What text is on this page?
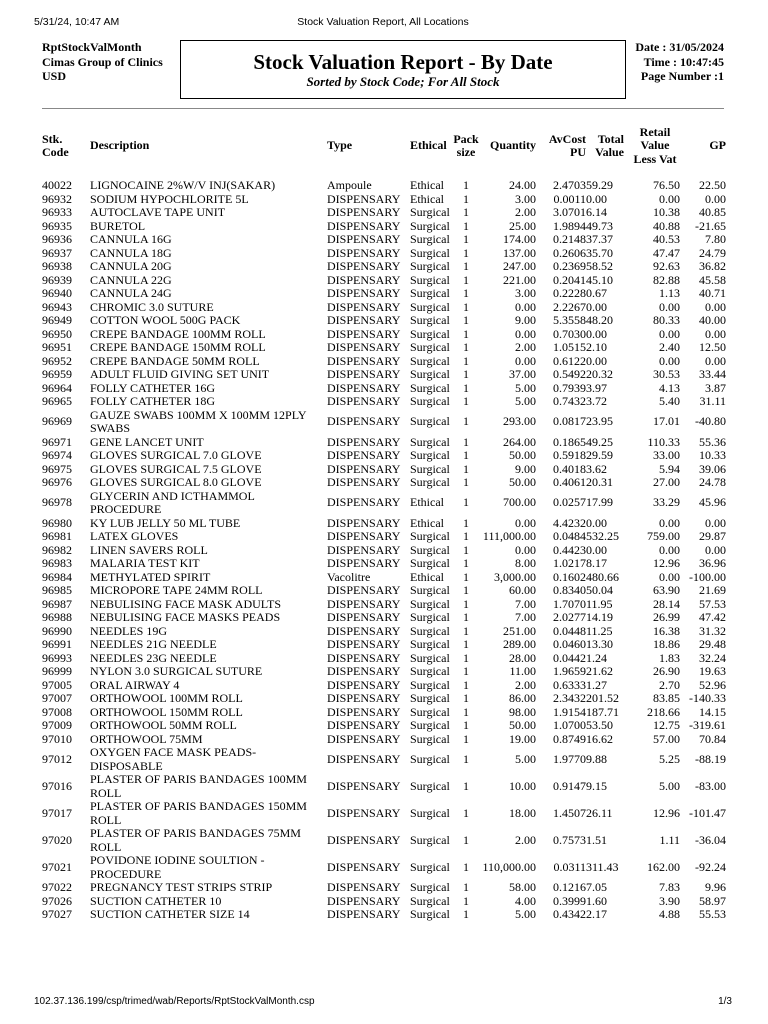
5/31/24, 10:47 AM	Stock Valuation Report, All Locations
RptStockValMonth
Cimas Group of Clinics
USD
Stock Valuation Report - By Date
Sorted by Stock Code; For All Stock
Date : 31/05/2024
Time : 10:47:45
Page Number :1
Stk. Code	Description	Type	Ethical	Pack size	Quantity	AvCost PU	Total Value	Retail Value Less Vat	GP

40022	LIGNOCAINE 2%W/V INJ(SAKAR)	Ampoule	Ethical	1	24.00	2.4703	59.29	76.50	22.50
96932	SODIUM HYPOCHLORITE 5L	DISPENSARY	Ethical	1	3.00	0.0011	0.00	0.00	0.00
96933	AUTOCLAVE TAPE UNIT	DISPENSARY	Surgical	1	2.00	3.0701	6.14	10.38	40.85
96935	BURETOL	DISPENSARY	Surgical	1	25.00	1.9894	49.73	40.88	-21.65
96936	CANNULA 16G	DISPENSARY	Surgical	1	174.00	0.2148	37.37	40.53	7.80
96937	CANNULA 18G	DISPENSARY	Surgical	1	137.00	0.2606	35.70	47.47	24.79
96938	CANNULA 20G	DISPENSARY	Surgical	1	247.00	0.2369	58.52	92.63	36.82
96939	CANNULA 22G	DISPENSARY	Surgical	1	221.00	0.2041	45.10	82.88	45.58
96940	CANNULA 24G	DISPENSARY	Surgical	1	3.00	0.2228	0.67	1.13	40.71
96943	CHROMIC 3.0 SUTURE	DISPENSARY	Surgical	1	0.00	2.2267	0.00	0.00	0.00
96949	COTTON WOOL 500G PACK	DISPENSARY	Surgical	1	9.00	5.3558	48.20	80.33	40.00
96950	CREPE BANDAGE 100MM ROLL	DISPENSARY	Surgical	1	0.00	0.7030	0.00	0.00	0.00
96951	CREPE BANDAGE 150MM ROLL	DISPENSARY	Surgical	1	2.00	1.0515	2.10	2.40	12.50
96952	CREPE BANDAGE 50MM ROLL	DISPENSARY	Surgical	1	0.00	0.6122	0.00	0.00	0.00
96959	ADULT FLUID GIVING SET UNIT	DISPENSARY	Surgical	1	37.00	0.5492	20.32	30.53	33.44
96964	FOLLY CATHETER 16G	DISPENSARY	Surgical	1	5.00	0.7939	3.97	4.13	3.87
96965	FOLLY CATHETER 18G	DISPENSARY	Surgical	1	5.00	0.7432	3.72	5.40	31.11
96969	GAUZE SWABS 100MM X 100MM 12PLY SWABS	DISPENSARY	Surgical	1	293.00	0.0817	23.95	17.01	-40.80
96971	GENE LANCET UNIT	DISPENSARY	Surgical	1	264.00	0.1865	49.25	110.33	55.36
96974	GLOVES SURGICAL 7.0 GLOVE	DISPENSARY	Surgical	1	50.00	0.5918	29.59	33.00	10.33
96975	GLOVES SURGICAL 7.5 GLOVE	DISPENSARY	Surgical	1	9.00	0.4018	3.62	5.94	39.06
96976	GLOVES SURGICAL 8.0 GLOVE	DISPENSARY	Surgical	1	50.00	0.4061	20.31	27.00	24.78
96978	GLYCERIN AND ICTHAMMOL PROCEDURE	DISPENSARY	Ethical	1	700.00	0.0257	17.99	33.29	45.96
96980	KY LUB JELLY 50 ML TUBE	DISPENSARY	Ethical	1	0.00	4.4232	0.00	0.00	0.00
96981	LATEX GLOVES	DISPENSARY	Surgical	1	111,000.00	0.0484	532.25	759.00	29.87
96982	LINEN SAVERS ROLL	DISPENSARY	Surgical	1	0.00	0.4423	0.00	0.00	0.00
96983	MALARIA TEST KIT	DISPENSARY	Surgical	1	8.00	1.0217	8.17	12.96	36.96
96984	METHYLATED SPIRIT	Vacolitre	Ethical	1	3,000.00	0.1602	480.66	0.00	-100.00
96985	MICROPORE TAPE 24MM ROLL	DISPENSARY	Surgical	1	60.00	0.8340	50.04	63.90	21.69
96987	NEBULISING FACE MASK ADULTS	DISPENSARY	Surgical	1	7.00	1.7070	11.95	28.14	57.53
96988	NEBULISING FACE MASKS PEADS	DISPENSARY	Surgical	1	7.00	2.0277	14.19	26.99	47.42
96990	NEEDLES 19G	DISPENSARY	Surgical	1	251.00	0.0448	11.25	16.38	31.32
96991	NEEDLES 21G NEEDLE	DISPENSARY	Surgical	1	289.00	0.0460	13.30	18.86	29.48
96993	NEEDLES 23G NEEDLE	DISPENSARY	Surgical	1	28.00	0.0442	1.24	1.83	32.24
96999	NYLON 3.0 SURGICAL SUTURE	DISPENSARY	Surgical	1	11.00	1.9659	21.62	26.90	19.63
97005	ORAL AIRWAY 4	DISPENSARY	Surgical	1	2.00	0.6333	1.27	2.70	52.96
97007	ORTHOWOOL 100MM ROLL	DISPENSARY	Surgical	1	86.00	2.3432	201.52	83.85	-140.33
97008	ORTHOWOOL 150MM ROLL	DISPENSARY	Surgical	1	98.00	1.9154	187.71	218.66	14.15
97009	ORTHOWOOL 50MM ROLL	DISPENSARY	Surgical	1	50.00	1.0700	53.50	12.75	-319.61
97010	ORTHOWOOL 75MM	DISPENSARY	Surgical	1	19.00	0.8749	16.62	57.00	70.84
97012	OXYGEN FACE MASK PEADS-DISPOSABLE	DISPENSARY	Surgical	1	5.00	1.9770	9.88	5.25	-88.19
97016	PLASTER OF PARIS BANDAGES 100MM ROLL	DISPENSARY	Surgical	1	10.00	0.9147	9.15	5.00	-83.00
97017	PLASTER OF PARIS BANDAGES 150MM ROLL	DISPENSARY	Surgical	1	18.00	1.4507	26.11	12.96	-101.47
97020	PLASTER OF PARIS BANDAGES 75MM ROLL	DISPENSARY	Surgical	1	2.00	0.7573	1.51	1.11	-36.04
97021	POVIDONE IODINE SOULTION - PROCEDURE	DISPENSARY	Surgical	1	110,000.00	0.0311	311.43	162.00	-92.24
97022	PREGNANCY TEST STRIPS STRIP	DISPENSARY	Surgical	1	58.00	0.1216	7.05	7.83	9.96
97026	SUCTION CATHETER 10	DISPENSARY	Surgical	1	4.00	0.3999	1.60	3.90	58.97
97027	SUCTION CATHETER SIZE 14	DISPENSARY	Surgical	1	5.00	0.4342	2.17	4.88	55.53
102.37.136.199/csp/trimed/wab/Reports/RptStockValMonth.csp	1/3
